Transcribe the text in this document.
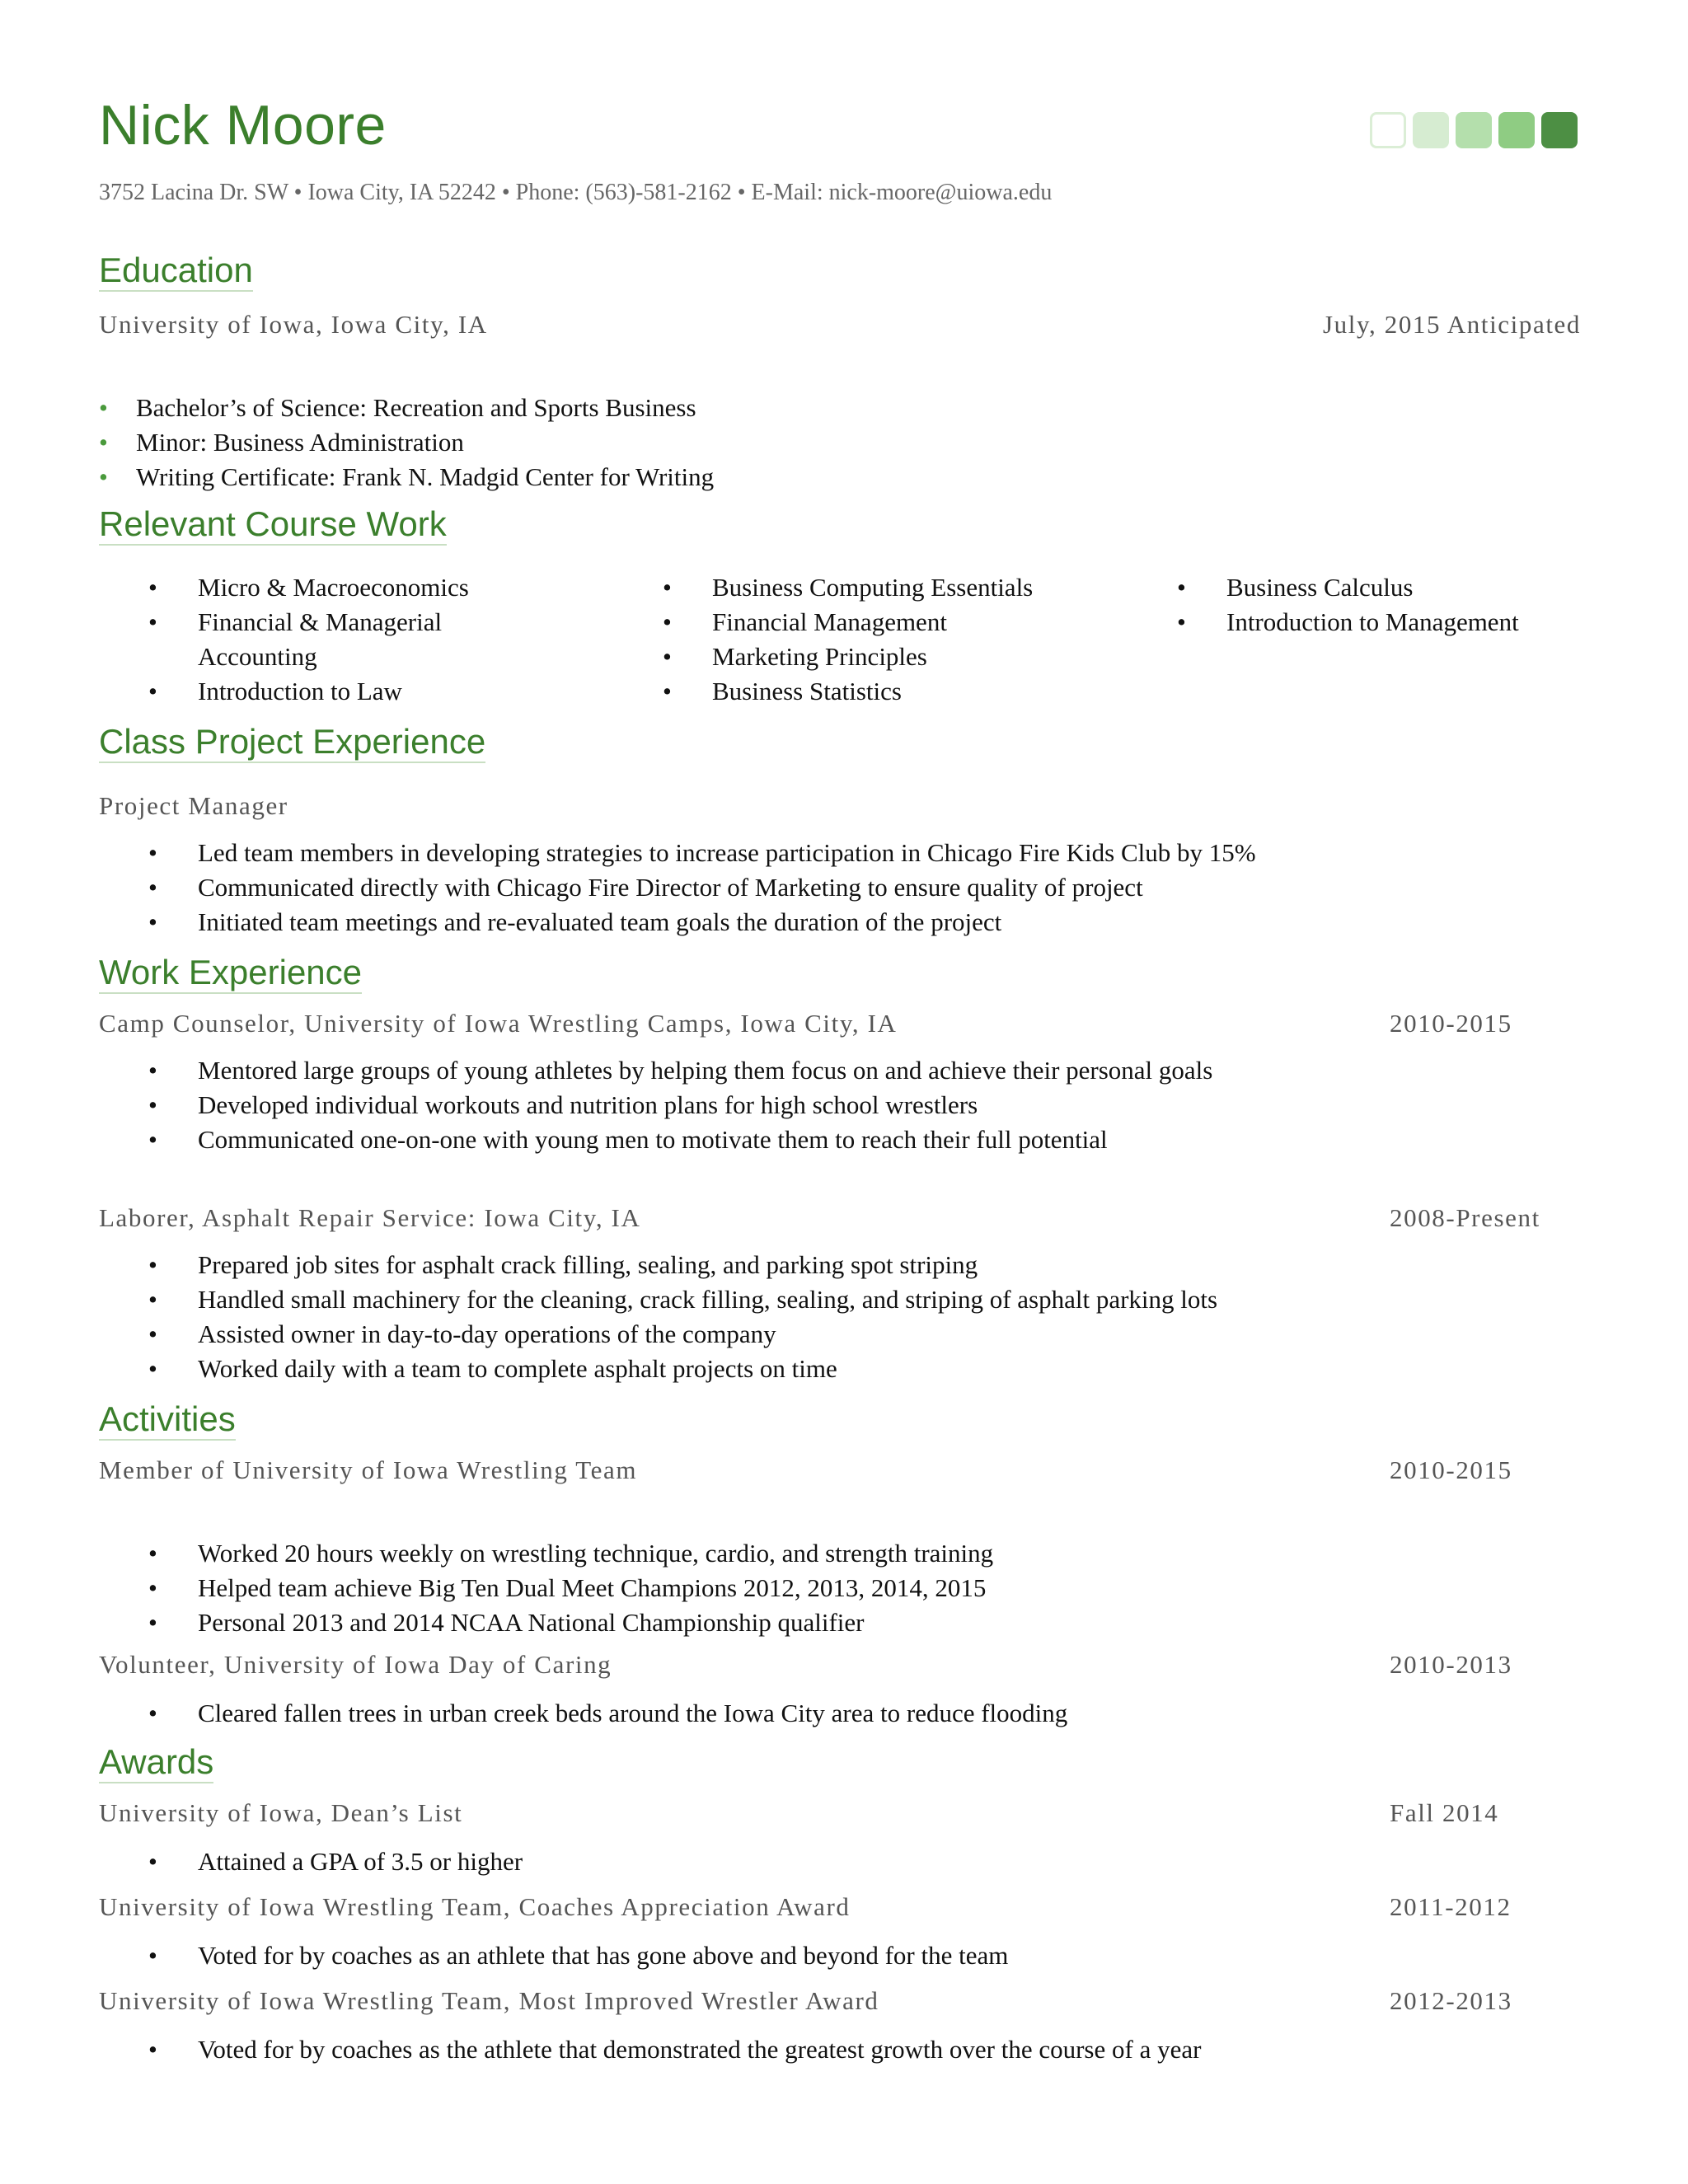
Nick Moore
3752 Lacina Dr. SW • Iowa City, IA 52242 • Phone: (563)-581-2162 • E-Mail: nick-moore@uiowa.edu
Education
University of Iowa, Iowa City, IA	July, 2015 Anticipated
• Bachelor’s of Science: Recreation and Sports Business
• Minor: Business Administration
• Writing Certificate: Frank N. Madgid Center for Writing
Relevant Course Work
• Micro & Macroeconomics
• Financial & Managerial Accounting
• Introduction to Law
• Business Computing Essentials
• Financial Management
• Marketing Principles
• Business Statistics
• Business Calculus
• Introduction to Management
Class Project Experience
Project Manager
• Led team members in developing strategies to increase participation in Chicago Fire Kids Club by 15%
• Communicated directly with Chicago Fire Director of Marketing to ensure quality of project
• Initiated team meetings and re-evaluated team goals the duration of the project
Work Experience
Camp Counselor, University of Iowa Wrestling Camps, Iowa City, IA	2010-2015
• Mentored large groups of young athletes by helping them focus on and achieve their personal goals
• Developed individual workouts and nutrition plans for high school wrestlers
• Communicated one-on-one with young men to motivate them to reach their full potential
Laborer, Asphalt Repair Service: Iowa City, IA	2008-Present
• Prepared job sites for asphalt crack filling, sealing, and parking spot striping
• Handled small machinery for the cleaning, crack filling, sealing, and striping of asphalt parking lots
• Assisted owner in day-to-day operations of the company
• Worked daily with a team to complete asphalt projects on time
Activities
Member of University of Iowa Wrestling Team	2010-2015
• Worked 20 hours weekly on wrestling technique, cardio, and strength training
• Helped team achieve Big Ten Dual Meet Champions 2012, 2013, 2014, 2015
• Personal 2013 and 2014 NCAA National Championship qualifier
Volunteer, University of Iowa Day of Caring	2010-2013
• Cleared fallen trees in urban creek beds around the Iowa City area to reduce flooding
Awards
University of Iowa, Dean’s List	Fall 2014
• Attained a GPA of 3.5 or higher
University of Iowa Wrestling Team, Coaches Appreciation Award	2011-2012
• Voted for by coaches as an athlete that has gone above and beyond for the team
University of Iowa Wrestling Team, Most Improved Wrestler Award	2012-2013
• Voted for by coaches as the athlete that demonstrated the greatest growth over the course of a year
